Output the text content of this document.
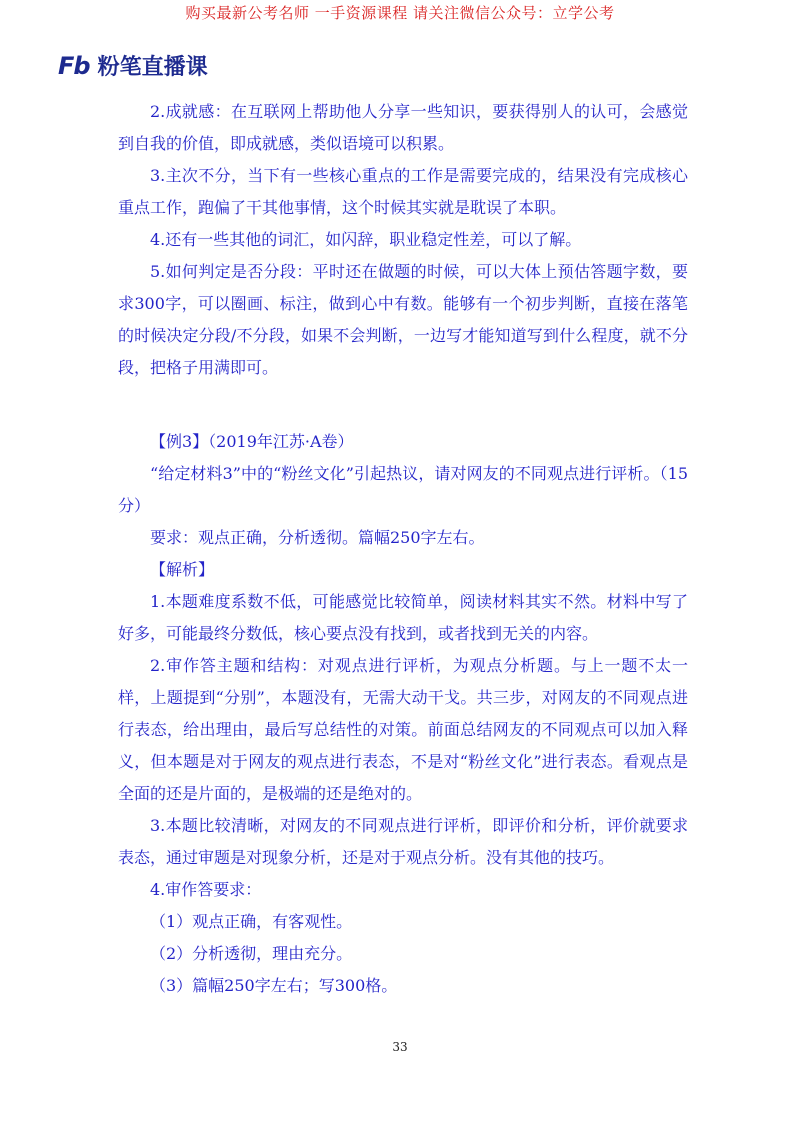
购买最新公考名师 一手资源课程 请关注微信公众号：立学公考
Fb 粉笔直播课

2.成就感：在互联网上帮助他人分享一些知识，要获得别人的认可，会感觉到自我的价值，即成就感，类似语境可以积累。

3.主次不分，当下有一些核心重点的工作是需要完成的，结果没有完成核心重点工作，跑偏了干其他事情，这个时候其实就是耽误了本职。

4.还有一些其他的词汇，如闪辞，职业稳定性差，可以了解。

5.如何判定是否分段：平时还在做题的时候，可以大体上预估答题字数，要求300字，可以圈画、标注，做到心中有数。能够有一个初步判断，直接在落笔的时候决定分段/不分段，如果不会判断，一边写才能知道写到什么程度，就不分段，把格子用满即可。

【例3】（2019年江苏·A卷）

“给定材料3”中的“粉丝文化”引起热议，请对网友的不同观点进行评析。（15分）

要求：观点正确，分析透彻。篇幅250字左右。

【解析】

1.本题难度系数不低，可能感觉比较简单，阅读材料其实不然。材料中写了好多，可能最终分数低，核心要点没有找到，或者找到无关的内容。

2.审作答主题和结构：对观点进行评析，为观点分析题。与上一题不太一样，上题提到“分别”，本题没有，无需大动干戈。共三步，对网友的不同观点进行表态，给出理由，最后写总结性的对策。前面总结网友的不同观点可以加入释义，但本题是对于网友的观点进行表态，不是对“粉丝文化”进行表态。看观点是全面的还是片面的，是极端的还是绝对的。

3.本题比较清晰，对网友的不同观点进行评析，即评价和分析，评价就要求表态，通过审题是对现象分析，还是对于观点分析。没有其他的技巧。

4.审作答要求：

（1）观点正确，有客观性。

（2）分析透彻，理由充分。

（3）篇幅250字左右；写300格。

33
